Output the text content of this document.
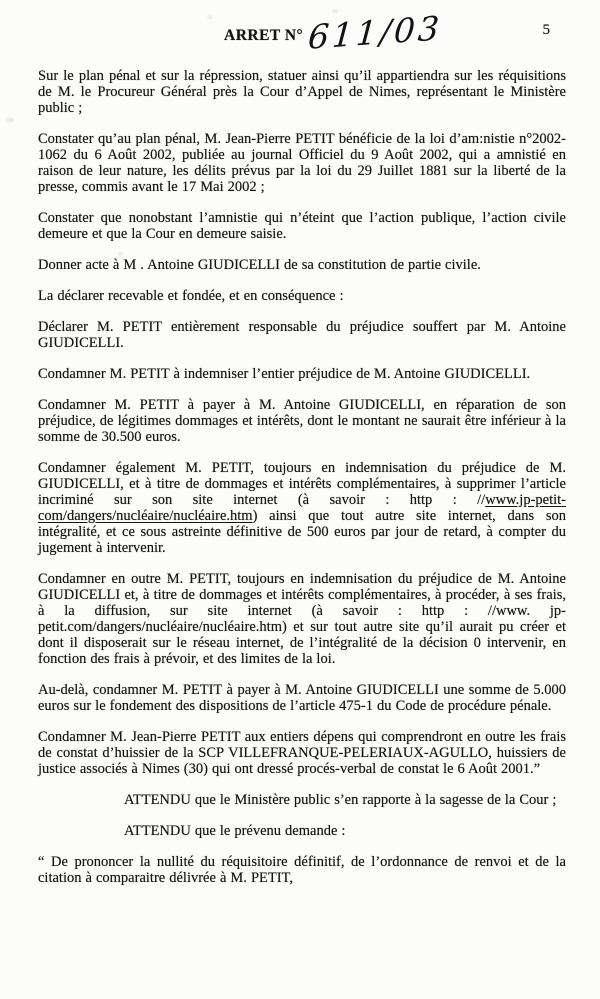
ARRET N° 611/03	5

Sur le plan pénal et sur la répression, statuer ainsi qu’il appartiendra sur les réquisitions de M. le Procureur Général près la Cour d’Appel de Nimes, représentant le Ministère public ;

Constater qu’au plan pénal, M. Jean-Pierre PETIT bénéficie de la loi d’am:nistie n°2002-1062 du 6 Août 2002, publiée au journal Officiel du 9 Août 2002, qui a amnistié en raison de leur nature, les délits prévus par la loi du 29 Juillet 1881 sur la liberté de la presse, commis avant le 17 Mai 2002 ;

Constater que nonobstant l’amnistie qui n’éteint que l’action publique, l’action civile demeure et que la Cour en demeure saisie.

Donner acte à M . Antoine GIUDICELLI de sa constitution de partie civile.

La déclarer recevable et fondée, et en conséquence :

Déclarer M. PETIT entièrement responsable du préjudice souffert par M. Antoine GIUDICELLI.

Condamner M. PETIT à indemniser l’entier préjudice de M. Antoine GIUDICELLI.

Condamner M. PETIT à payer à M. Antoine GIUDICELLI, en réparation de son préjudice, de légitimes dommages et intérêts, dont le montant ne saurait être inférieur à la somme de 30.500 euros.

Condamner également M. PETIT, toujours en indemnisation du préjudice de M. GIUDICELLI, et à titre de dommages et intérêts complémentaires, à supprimer l’article incriminé sur son site internet (à savoir : http : //www.jp-petit-com/dangers/nucléaire/nucléaire.htm) ainsi que tout autre site internet, dans son intégralité, et ce sous astreinte définitive de 500 euros par jour de retard, à compter du jugement à intervenir.

Condamner en outre M. PETIT, toujours en indemnisation du préjudice de M. Antoine GIUDICELLI et, à titre de dommages et intérêts complémentaires, à procéder, à ses frais, à la diffusion, sur site internet (à savoir : http : //www. jp-petit.com/dangers/nucléaire/nucléaire.htm) et sur tout autre site qu’il aurait pu créer et dont il disposerait sur le réseau internet, de l’intégralité de la décision 0 intervenir, en fonction des frais à prévoir, et des limites de la loi.

Au-delà, condamner M. PETIT à payer à M. Antoine GIUDICELLI une somme de 5.000 euros sur le fondement des dispositions de l’article 475-1 du Code de procédure pénale.

Condamner M. Jean-Pierre PETIT aux entiers dépens qui comprendront en outre les frais de constat d’huissier de la SCP VILLEFRANQUE-PELERIAUX-AGULLO, huissiers de justice associés à Nimes (30) qui ont dressé procés-verbal de constat le 6 Août 2001.”

ATTENDU que le Ministère public s’en rapporte à la sagesse de la Cour ;

ATTENDU que le prévenu demande :

“ De prononcer la nullité du réquisitoire définitif, de l’ordonnance de renvoi et de la citation à comparaitre délivrée à M. PETIT,
